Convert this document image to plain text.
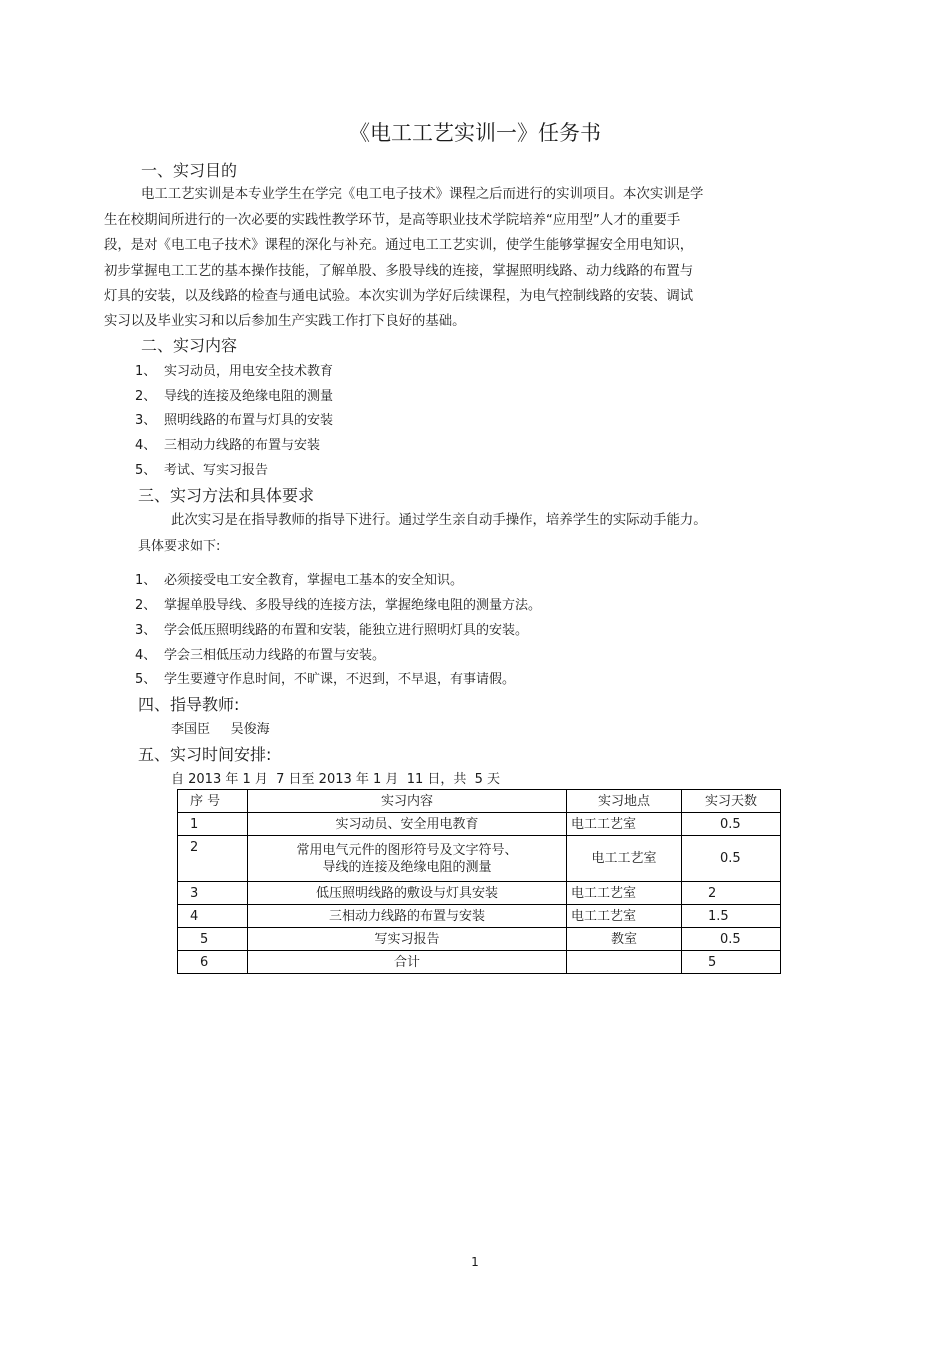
《电工工艺实训一》任务书
一、实习目的
电工工艺实训是本专业学生在学完《电工电子技术》课程之后而进行的实训项目。本次实训是学
生在校期间所进行的一次必要的实践性教学环节，是高等职业技术学院培养“应用型”人才的重要手
段，是对《电工电子技术》课程的深化与补充。通过电工工艺实训，使学生能够掌握安全用电知识，
初步掌握电工工艺的基本操作技能，了解单股、多股导线的连接，掌握照明线路、动力线路的布置与
灯具的安装，以及线路的检查与通电试验。本次实训为学好后续课程，为电气控制线路的安装、调试
实习以及毕业实习和以后参加生产实践工作打下良好的基础。
二、实习内容
1、 实习动员，用电安全技术教育
2、 导线的连接及绝缘电阻的测量
3、 照明线路的布置与灯具的安装
4、 三相动力线路的布置与安装
5、 考试、写实习报告
三、实习方法和具体要求
此次实习是在指导教师的指导下进行。通过学生亲自动手操作，培养学生的实际动手能力。
具体要求如下:
1、 必须接受电工安全教育，掌握电工基本的安全知识。
2、 掌握单股导线、多股导线的连接方法，掌握绝缘电阻的测量方法。
3、 学会低压照明线路的布置和安装，能独立进行照明灯具的安装。
4、 学会三相低压动力线路的布置与安装。
5、 学生要遵守作息时间，不旷课，不迟到，不早退，有事请假。
四、指导教师:
李国臣     吴俊海
五、实习时间安排:
自 2013 年 1 月  7 日至 2013 年 1 月  11 日，共  5 天
序 号	实习内容	实习地点	实习天数
1	实习动员、安全用电教育	电工工艺室	0.5
2	常用电气元件的图形符号及文字符号、
导线的连接及绝缘电阻的测量	电工工艺室	0.5
3	低压照明线路的敷设与灯具安装	电工工艺室	2
4	三相动力线路的布置与安装	电工工艺室	1.5
5	写实习报告	教室	0.5
6	合计		5
1
